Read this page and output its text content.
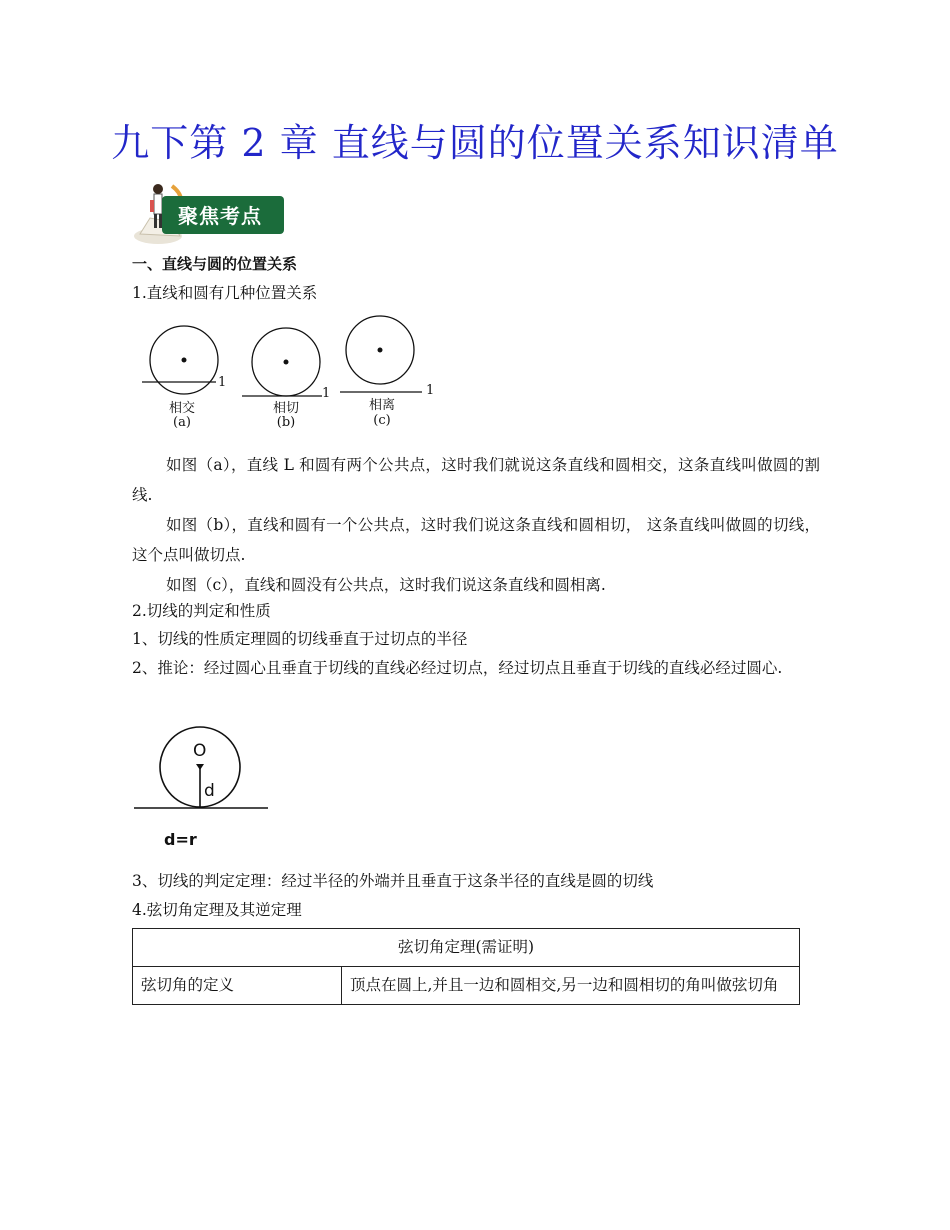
九下第 2 章 直线与圆的位置关系知识清单
聚焦考点
一、直线与圆的位置关系
1.直线和圆有几种位置关系
1
1	1
相交
(a)
相切
(b)
相离
(c)
如图（a），直线 L 和圆有两个公共点，这时我们就说这条直线和圆相交，这条直线叫做圆的割线.
如图（b），直线和圆有一个公共点，这时我们说这条直线和圆相切， 这条直线叫做圆的切线，这个点叫做切点.
如图（c），直线和圆没有公共点，这时我们说这条直线和圆相离.
2.切线的判定和性质
1、切线的性质定理圆的切线垂直于过切点的半径
2、推论：经过圆心且垂直于切线的直线必经过切点，经过切点且垂直于切线的直线必经过圆心.
O
d
d=r
3、切线的判定定理：经过半径的外端并且垂直于这条半径的直线是圆的切线
4.弦切角定理及其逆定理
弦切角定理(需证明)
弦切角的定义	顶点在圆上,并且一边和圆相交,另一边和圆相切的角叫做弦切角
